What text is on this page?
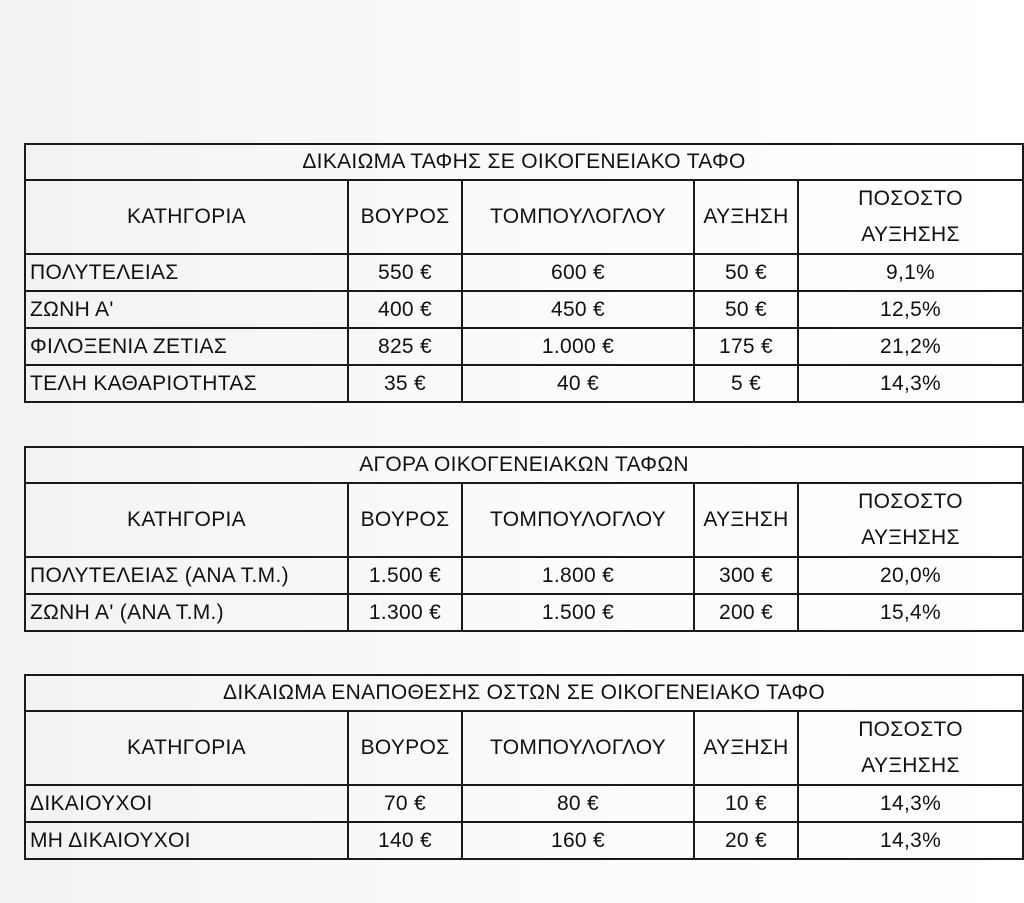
ΔΙΚΑΙΩΜΑ ΤΑΦΗΣ ΣΕ ΟΙΚΟΓΕΝΕΙΑΚΟ ΤΑΦΟ				
ΚΑΤΗΓΟΡΙΑ	ΒΟΥΡΟΣ	ΤΟΜΠΟΥΛΟΓΛΟΥ	ΑΥΞΗΣΗ	ΠΟΣΟΣΤΟ
ΑΥΞΗΣΗΣ
ΠΟΛΥΤΕΛΕΙΑΣ	550 €	600 €	50 €	9,1%
ΖΩΝΗ Α'	400 €	450 €	50 €	12,5%
ΦΙΛΟΞΕΝΙΑ ΖΕΤΙΑΣ	825 €	1.000 €	175 €	21,2%
ΤΕΛΗ ΚΑΘΑΡΙΟΤΗΤΑΣ	35 €	40 €	5 €	14,3%
ΑΓΟΡΑ ΟΙΚΟΓΕΝΕΙΑΚΩΝ ΤΑΦΩΝ				
ΚΑΤΗΓΟΡΙΑ	ΒΟΥΡΟΣ	ΤΟΜΠΟΥΛΟΓΛΟΥ	ΑΥΞΗΣΗ	ΠΟΣΟΣΤΟ
ΑΥΞΗΣΗΣ
ΠΟΛΥΤΕΛΕΙΑΣ (ΑΝΑ Τ.Μ.)	1.500 €	1.800 €	300 €	20,0%
ΖΩΝΗ Α' (ΑΝΑ Τ.Μ.)	1.300 €	1.500 €	200 €	15,4%
ΔΙΚΑΙΩΜΑ ΕΝΑΠΟΘΕΣΗΣ ΟΣΤΩΝ ΣΕ ΟΙΚΟΓΕΝΕΙΑΚΟ ΤΑΦΟ				
ΚΑΤΗΓΟΡΙΑ	ΒΟΥΡΟΣ	ΤΟΜΠΟΥΛΟΓΛΟΥ	ΑΥΞΗΣΗ	ΠΟΣΟΣΤΟ
ΑΥΞΗΣΗΣ
ΔΙΚΑΙΟΥΧΟΙ	70 €	80 €	10 €	14,3%
ΜΗ ΔΙΚΑΙΟΥΧΟΙ	140 €	160 €	20 €	14,3%
